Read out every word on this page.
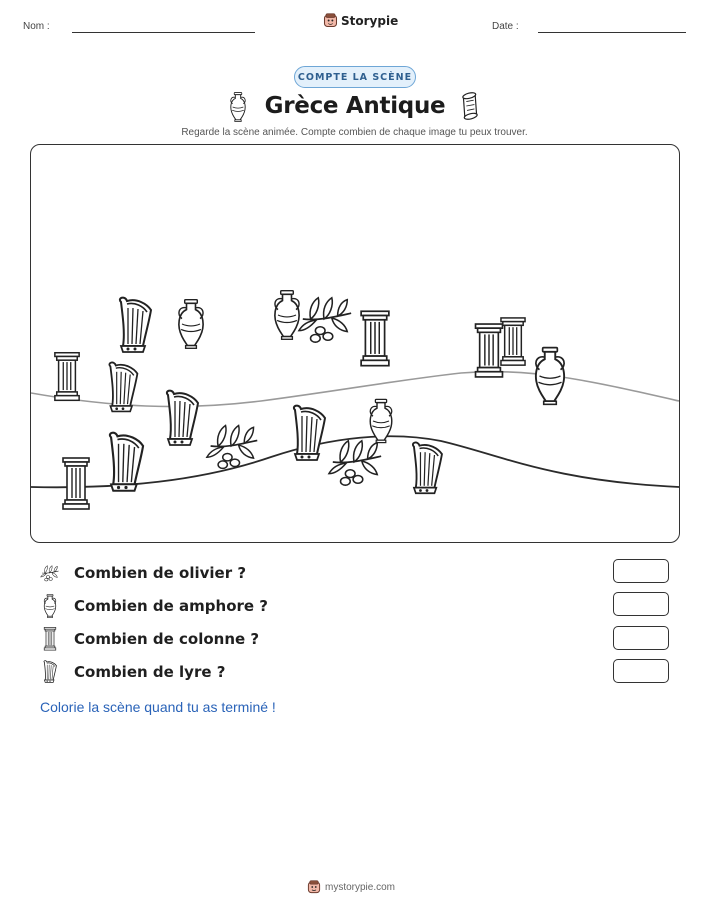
Nom :	Storypie	Date :
COMPTE LA SCÈNE
Grèce Antique
Regarde la scène animée. Compte combien de chaque image tu peux trouver.
Combien de olivier ?
Combien de amphore ?
Combien de colonne ?
Combien de lyre ?
Colorie la scène quand tu as terminé !
mystorypie.com
